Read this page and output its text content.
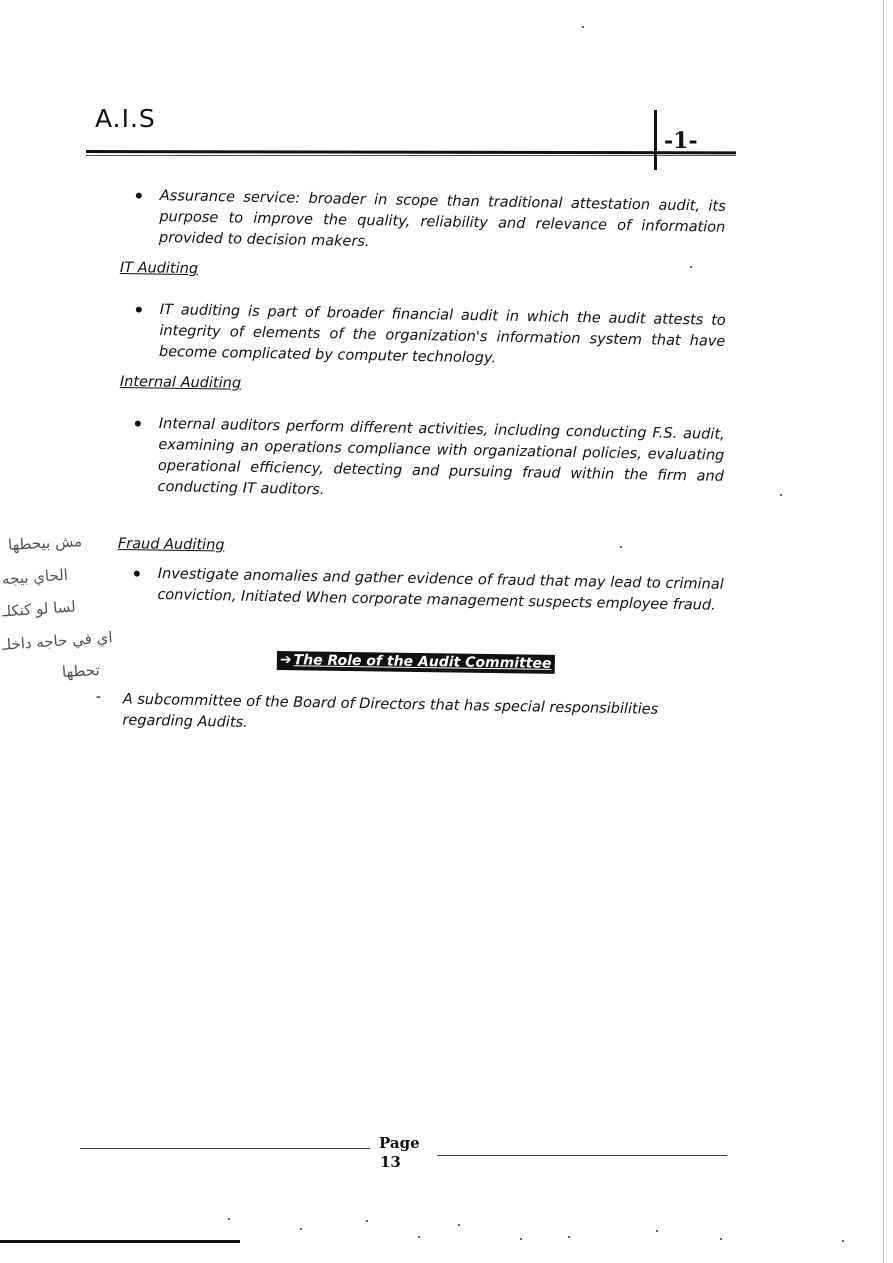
A.I.S
-1-
Assurance service: broader in scope than traditional attestation audit, its purpose to improve the quality, reliability and relevance of information provided to decision makers.
IT Auditing
IT auditing is part of broader financial audit in which the audit attests to integrity of elements of the organization's information system that have become complicated by computer technology.
Internal Auditing
Internal auditors perform different activities, including conducting F.S. audit, examining an operations compliance with organizational policies, evaluating operational efficiency, detecting and pursuing fraud within the firm and conducting IT auditors.
Fraud Auditing
Investigate anomalies and gather evidence of fraud that may lead to criminal conviction, Initiated When corporate management suspects employee fraud.
➔ The Role of the Audit Committee
- A subcommittee of the Board of Directors that has special responsibilities regarding Audits.
مش بيحطها
الحاي بيجه
لسا لو كنكلـ
اي في حاجه داخلـ
تحطها
Page
13
